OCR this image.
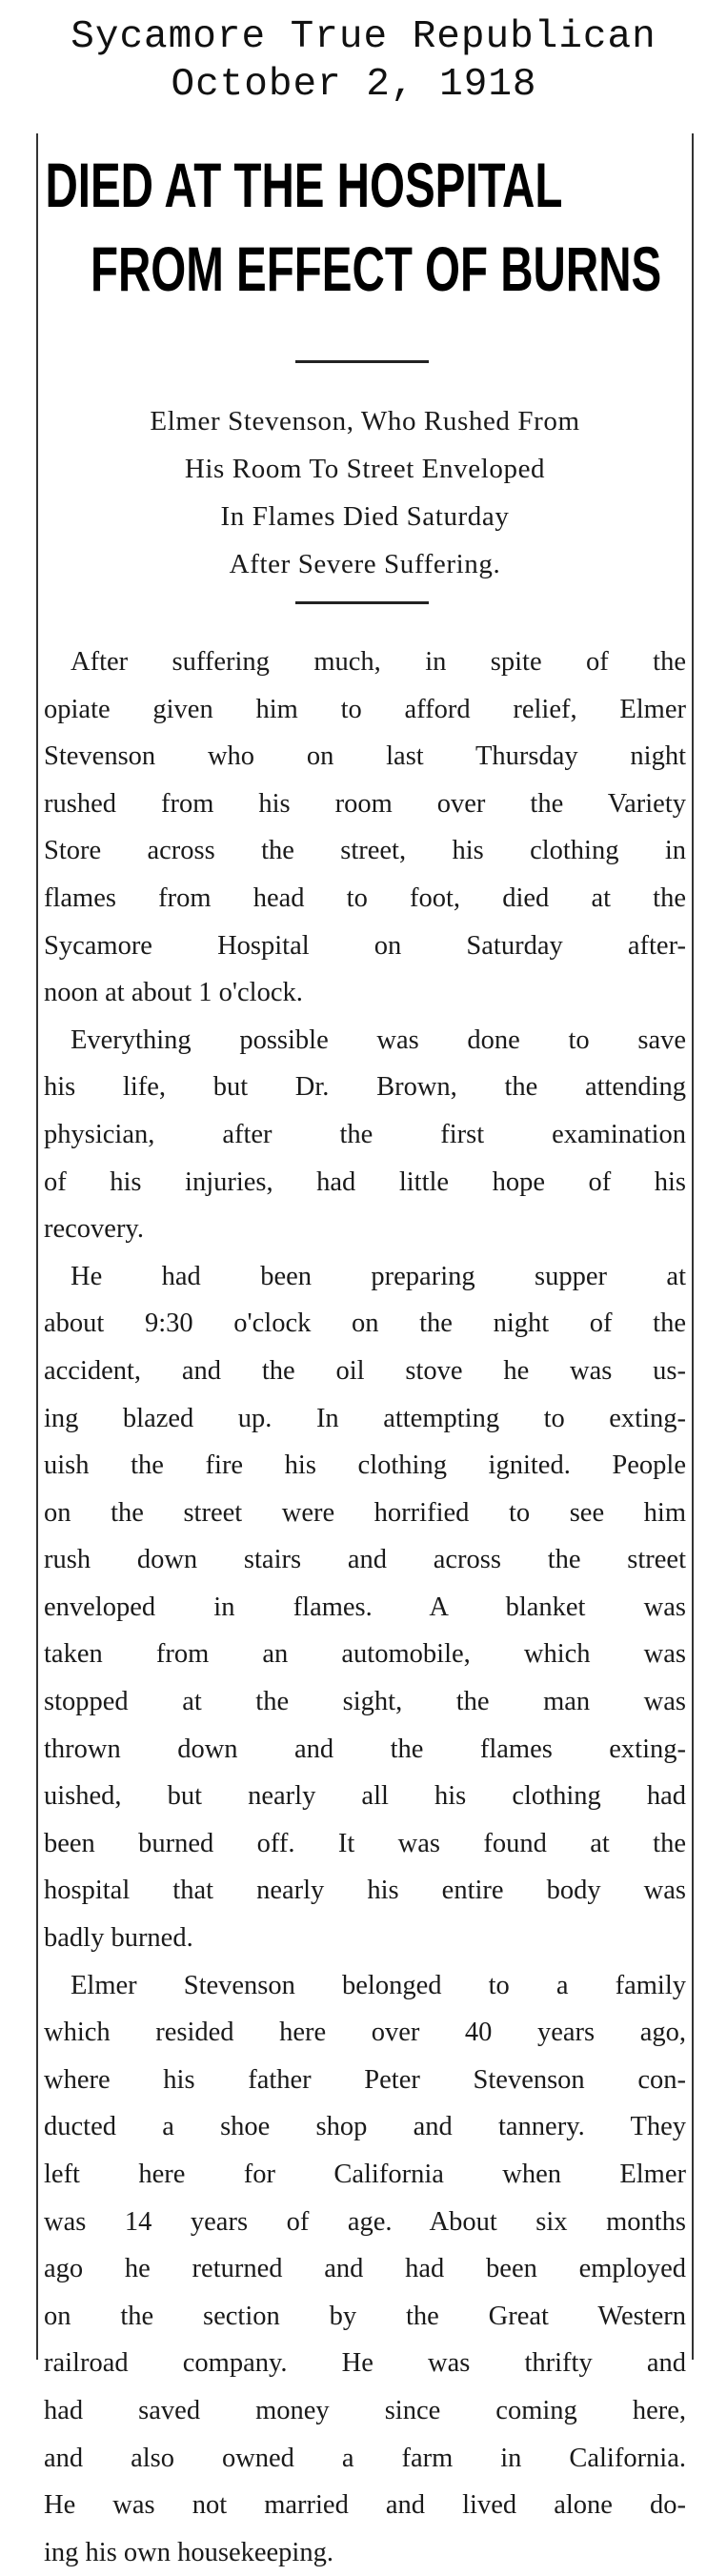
Sycamore True Republican
October 2, 1918
DIED AT THE HOSPITAL
FROM EFFECT OF BURNS
Elmer Stevenson, Who Rushed From
His Room To Street Enveloped
In Flames Died Saturday
After Severe Suffering.

After suffering much, in spite of the
opiate given him to afford relief, Elmer
Stevenson who on last Thursday night
rushed from his room over the Variety
Store across the street, his clothing in
flames from head to foot, died at the
Sycamore Hospital on Saturday after-
noon at about 1 o'clock.

Everything possible was done to save
his life, but Dr. Brown, the attending
physician, after the first examination
of his injuries, had little hope of his
recovery.

He had been preparing supper at
about 9:30 o'clock on the night of the
accident, and the oil stove he was us-
ing blazed up. In attempting to exting-
uish the fire his clothing ignited. People
on the street were horrified to see him
rush down stairs and across the street
enveloped in flames. A blanket was
taken from an automobile, which was
stopped at the sight, the man was
thrown down and the flames exting-
uished, but nearly all his clothing had
been burned off. It was found at the
hospital that nearly his entire body was
badly burned.

Elmer Stevenson belonged to a family
which resided here over 40 years ago,
where his father Peter Stevenson con-
ducted a shoe shop and tannery. They
left here for California when Elmer
was 14 years of age. About six months
ago he returned and had been employed
on the section by the Great Western
railroad company. He was thrifty and
had saved money since coming here,
and also owned a farm in California.
He was not married and lived alone do-
ing his own housekeeping.
